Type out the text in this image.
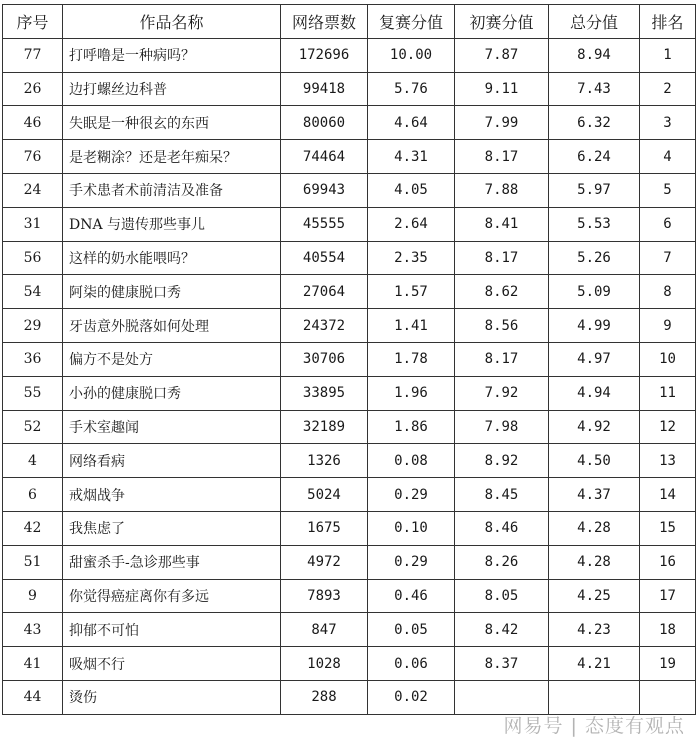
序号	作品名称	网络票数	复赛分值	初赛分值	总分值	排名
77	打呼噜是一种病吗？	172696	10.00	7.87	8.94	1
26	边打螺丝边科普	99418	5.76	9.11	7.43	2
46	失眠是一种很玄的东西	80060	4.64	7.99	6.32	3
76	是老糊涂？还是老年痴呆？	74464	4.31	8.17	6.24	4
24	手术患者术前清洁及准备	69943	4.05	7.88	5.97	5
31	DNA 与遗传那些事儿	45555	2.64	8.41	5.53	6
56	这样的奶水能喂吗？	40554	2.35	8.17	5.26	7
54	阿柒的健康脱口秀	27064	1.57	8.62	5.09	8
29	牙齿意外脱落如何处理	24372	1.41	8.56	4.99	9
36	偏方不是处方	30706	1.78	8.17	4.97	10
55	小孙的健康脱口秀	33895	1.96	7.92	4.94	11
52	手术室趣闻	32189	1.86	7.98	4.92	12
4	网络看病	1326	0.08	8.92	4.50	13
6	戒烟战争	5024	0.29	8.45	4.37	14
42	我焦虑了	1675	0.10	8.46	4.28	15
51	甜蜜杀手-急诊那些事	4972	0.29	8.26	4.28	16
9	你觉得癌症离你有多远	7893	0.46	8.05	4.25	17
43	抑郁不可怕	847	0.05	8.42	4.23	18
41	吸烟不行	1028	0.06	8.37	4.21	19
44	烫伤	288	0.02			
网易号 | 态度有观点
